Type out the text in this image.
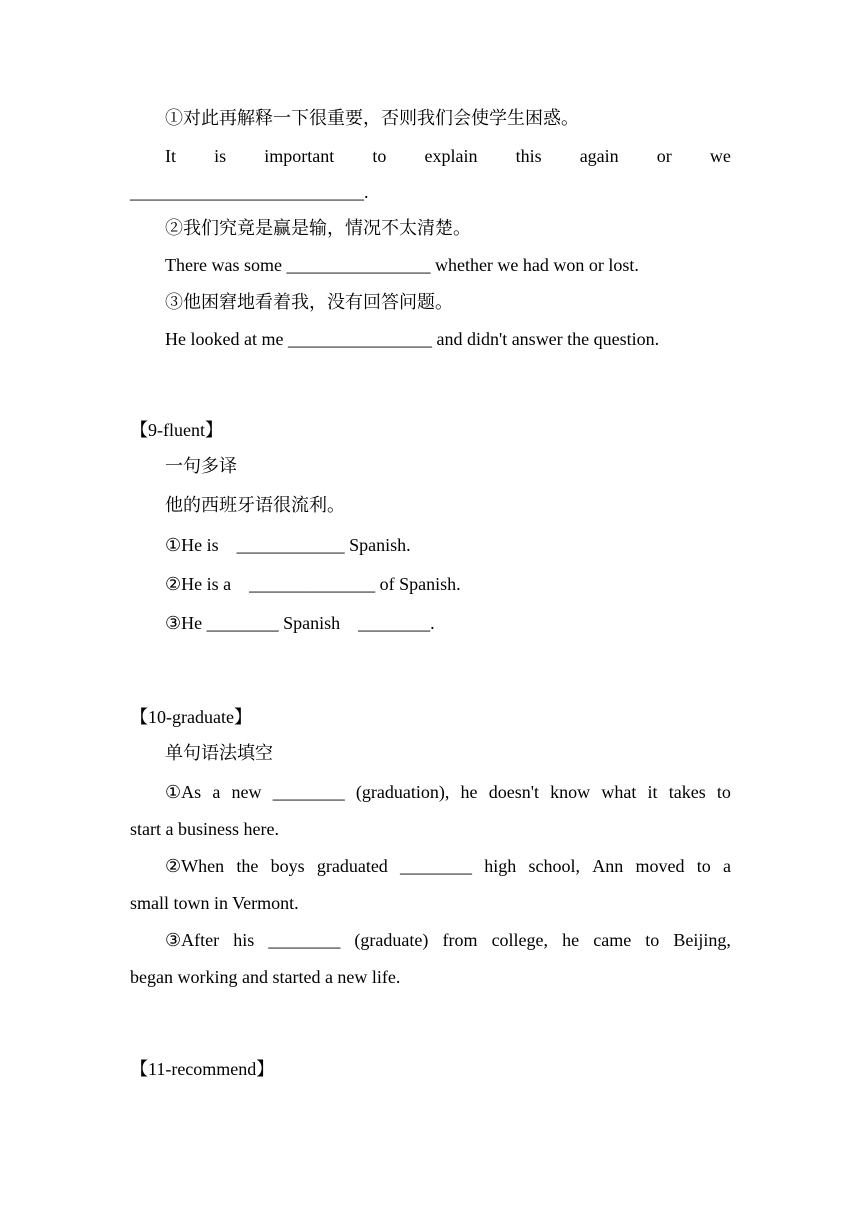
①对此再解释一下很重要，否则我们会使学生困惑。
It is important to explain this again or we
__________________________.
②我们究竟是赢是输，情况不太清楚。
There was some ________________ whether we had won or lost.
③他困窘地看着我，没有回答问题。
He looked at me ________________ and didn't answer the question.
【9-fluent】
一句多译
他的西班牙语很流利。
①He is　____________ Spanish.
②He is a　______________ of Spanish.
③He ________ Spanish　________.
【10-graduate】
单句语法填空
①As a new ________ (graduation), he doesn't know what it takes to
start a business here.
②When the boys graduated ________ high school, Ann moved to a
small town in Vermont.
③After his ________ (graduate) from college, he came to Beijing,
began working and started a new life.
【11-recommend】
